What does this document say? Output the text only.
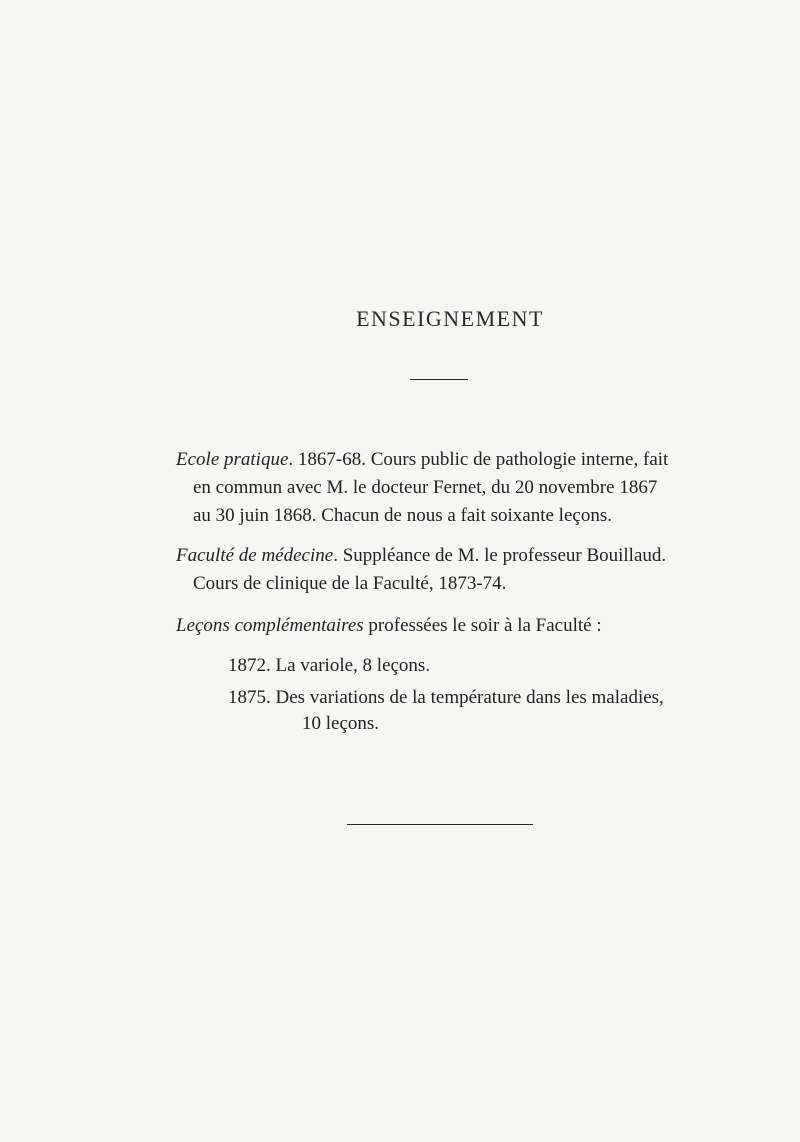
ENSEIGNEMENT
Ecole pratique. 1867-68. Cours public de pathologie interne, fait
en commun avec M. le docteur Fernet, du 20 novembre 1867
au 30 juin 1868. Chacun de nous a fait soixante leçons.
Faculté de médecine. Suppléance de M. le professeur Bouillaud.
Cours de clinique de la Faculté, 1873-74.
Leçons complémentaires professées le soir à la Faculté :
1872. La variole, 8 leçons.
1875. Des variations de la température dans les maladies,
10 leçons.
